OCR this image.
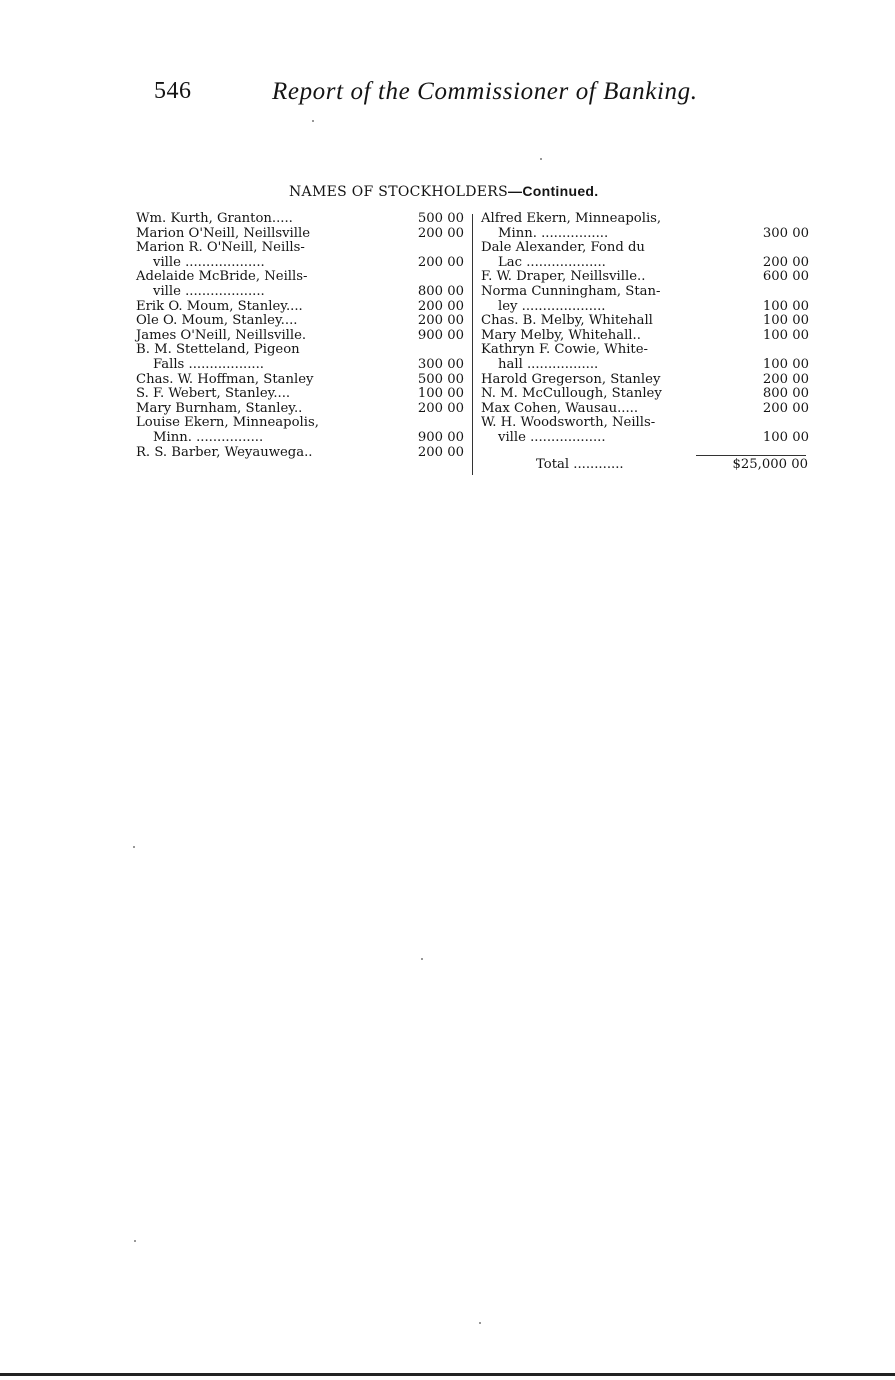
546	Report of the Commissioner of Banking.
NAMES OF STOCKHOLDERS—Continued.
Wm. Kurth, Granton.....	500 00
Marion O'Neill, Neillsville	200 00
Marion R. O'Neill, Neills-
ville ...................	200 00
Adelaide McBride, Neills-
ville ...................	800 00
Erik O. Moum, Stanley....	200 00
Ole O. Moum, Stanley....	200 00
James O'Neill, Neillsville.	900 00
B. M. Stetteland, Pigeon
Falls ..................	300 00
Chas. W. Hoffman, Stanley	500 00
S. F. Webert, Stanley....	100 00
Mary Burnham, Stanley..	200 00
Louise Ekern, Minneapolis,
Minn. ................	900 00
R. S. Barber, Weyauwega..	200 00
Alfred Ekern, Minneapolis,
Minn. ................	300 00
Dale Alexander, Fond du
Lac ...................	200 00
F. W. Draper, Neillsville..	600 00
Norma Cunningham, Stan-
ley ....................	100 00
Chas. B. Melby, Whitehall	100 00
Mary Melby, Whitehall..	100 00
Kathryn F. Cowie, White-
hall .................	100 00
Harold Gregerson, Stanley	200 00
N. M. McCullough, Stanley	800 00
Max Cohen, Wausau.....	200 00
W. H. Woodsworth, Neills-
ville ..................	100 00
Total ............	$25,000 00
